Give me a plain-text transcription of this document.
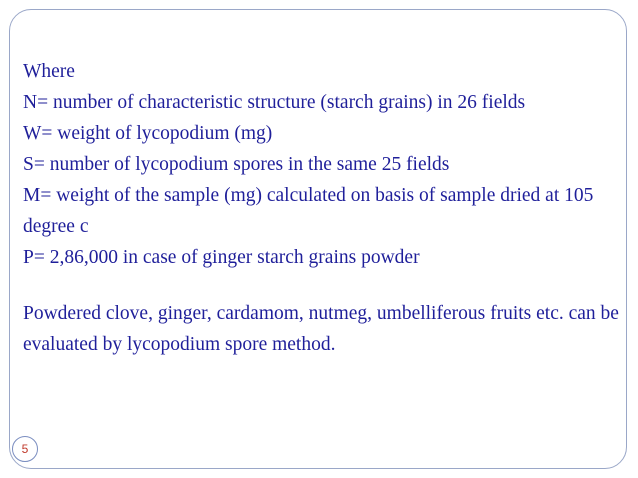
Where
N= number of characteristic structure (starch grains) in 26 fields
W= weight of lycopodium (mg)
S= number of lycopodium spores in the same 25 fields
M= weight of the sample (mg) calculated on basis of sample dried at 105 degree c
P= 2,86,000 in case of ginger starch grains powder
Powdered clove, ginger, cardamom, nutmeg, umbelliferous fruits etc. can be evaluated by lycopodium spore method.
5
